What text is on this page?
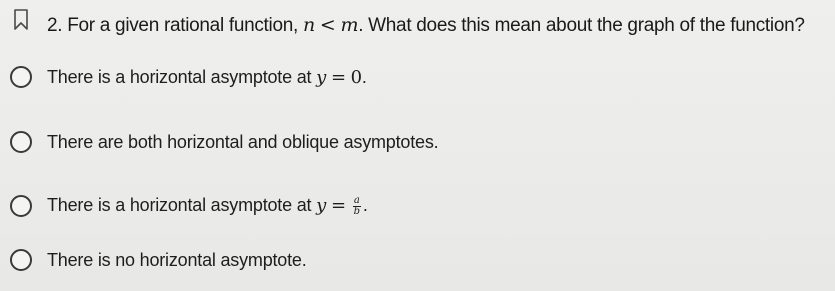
2. For a given rational function, n < m. What does this mean about the graph of the function?
There is a horizontal asymptote at y = 0.
There are both horizontal and oblique asymptotes.
There is a horizontal asymptote at $y = \frac{a}{b}$ .
There is no horizontal asymptote.
